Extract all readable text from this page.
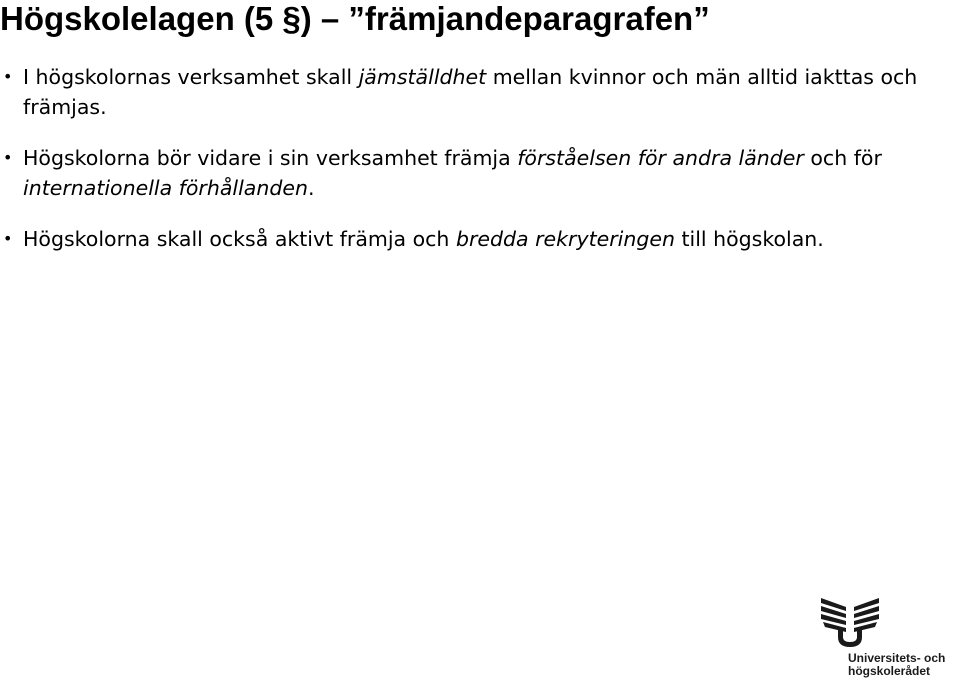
Högskolelagen (5 §) – ”främjandeparagrafen”
• I högskolornas verksamhet skall jämställdhet mellan kvinnor och män alltid iakttas och främjas.
• Högskolorna bör vidare i sin verksamhet främja förståelsen för andra länder och för internationella förhållanden.
• Högskolorna skall också aktivt främja och bredda rekryteringen till högskolan.
Universitets- och
högskolerådet
